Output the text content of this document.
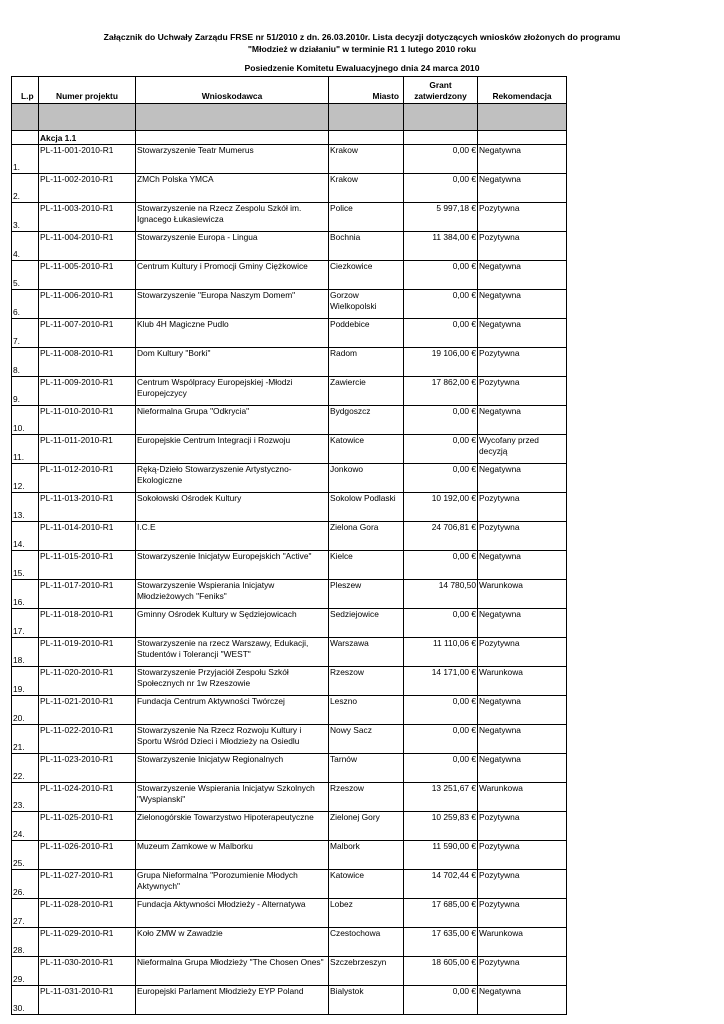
Załącznik do Uchwały Zarządu FRSE nr 51/2010 z dn. 26.03.2010r. Lista decyzji dotyczących wniosków złożonych do programu
"Młodzież w działaniu" w terminie R1 1 lutego 2010 roku
Posiedzenie Komitetu Ewaluacyjnego dnia 24 marca 2010
L.p	Numer projektu	Wnioskodawca	Miasto	Grant zatwierdzony	Rekomendacja

	Akcja 1.1				
1.	PL-11-001-2010-R1	Stowarzyszenie Teatr Mumerus	Krakow	0,00 €	Negatywna
2.	PL-11-002-2010-R1	ZMCh Polska YMCA	Krakow	0,00 €	Negatywna
3.	PL-11-003-2010-R1	Stowarzyszenie na Rzecz Zespolu Szkół im. Ignacego Łukasiewicza	Police	5 997,18 €	Pozytywna
4.	PL-11-004-2010-R1	Stowarzyszenie Europa - Lingua	Bochnia	11 384,00 €	Pozytywna
5.	PL-11-005-2010-R1	Centrum Kultury i Promocji Gminy Ciężkowice	Ciezkowice	0,00 €	Negatywna
6.	PL-11-006-2010-R1	Stowarzyszenie "Europa Naszym Domem"	Gorzow Wielkopolski	0,00 €	Negatywna
7.	PL-11-007-2010-R1	Klub 4H Magiczne Pudlo	Poddebice	0,00 €	Negatywna
8.	PL-11-008-2010-R1	Dom Kultury "Borki"	Radom	19 106,00 €	Pozytywna
9.	PL-11-009-2010-R1	Centrum Wspólpracy Europejskiej -Młodzi Europejczycy	Zawiercie	17 862,00 €	Pozytywna
10.	PL-11-010-2010-R1	Nieformalna Grupa "Odkrycia"	Bydgoszcz	0,00 €	Negatywna
11.	PL-11-011-2010-R1	Europejskie Centrum Integracji i Rozwoju	Katowice	0,00 €	Wycofany przed decyzją
12.	PL-11-012-2010-R1	Ręką-Dzieło Stowarzyszenie Artystyczno-Ekologiczne	Jonkowo	0,00 €	Negatywna
13.	PL-11-013-2010-R1	Sokołowski Ośrodek Kultury	Sokolow Podlaski	10 192,00 €	Pozytywna
14.	PL-11-014-2010-R1	I.C.E	Zielona Gora	24 706,81 €	Pozytywna
15.	PL-11-015-2010-R1	Stowarzyszenie Inicjatyw Europejskich "Active"	Kielce	0,00 €	Negatywna
16.	PL-11-017-2010-R1	Stowarzyszenie Wspierania Inicjatyw Młodzieżowych "Feniks"	Pleszew	14 780,50	Warunkowa
17.	PL-11-018-2010-R1	Gminny Ośrodek Kultury w Sędziejowicach	Sedziejowice	0,00 €	Negatywna
18.	PL-11-019-2010-R1	Stowarzyszenie na rzecz Warszawy, Edukacji, Studentów i Tolerancji "WEST"	Warszawa	11 110,06 €	Pozytywna
19.	PL-11-020-2010-R1	Stowarzyszenie Przyjaciół Zespołu Szkół Społecznych nr 1w Rzeszowie	Rzeszow	14 171,00 €	Warunkowa
20.	PL-11-021-2010-R1	Fundacja Centrum Aktywności Twórczej	Leszno	0,00 €	Negatywna
21.	PL-11-022-2010-R1	Stowarzyszenie Na Rzecz Rozwoju Kultury i Sportu Wśród Dzieci i Młodzieży na Osiedlu	Nowy Sacz	0,00 €	Negatywna
22.	PL-11-023-2010-R1	Stowarzyszenie Inicjatyw Regionalnych	Tarnów	0,00 €	Negatywna
23.	PL-11-024-2010-R1	Stowarzyszenie Wspierania Inicjatyw Szkolnych "Wyspianski"	Rzeszow	13 251,67 €	Warunkowa
24.	PL-11-025-2010-R1	Zielonogórskie Towarzystwo Hipoterapeutyczne	Zielonej Gory	10 259,83 €	Pozytywna
25.	PL-11-026-2010-R1	Muzeum Zamkowe w Malborku	Malbork	11 590,00 €	Pozytywna
26.	PL-11-027-2010-R1	Grupa Nieformalna "Porozumienie Młodych Aktywnych"	Katowice	14 702,44 €	Pozytywna
27.	PL-11-028-2010-R1	Fundacja Aktywności Młodzieży - Alternatywa	Lobez	17 685,00 €	Pozytywna
28.	PL-11-029-2010-R1	Koło ZMW w Zawadzie	Czestochowa	17 635,00 €	Warunkowa
29.	PL-11-030-2010-R1	Nieformalna Grupa Młodzieży "The Chosen Ones"	Szczebrzeszyn	18 605,00 €	Pozytywna
30.	PL-11-031-2010-R1	Europejski Parlament Młodzieży EYP Poland	Bialystok	0,00 €	Negatywna
